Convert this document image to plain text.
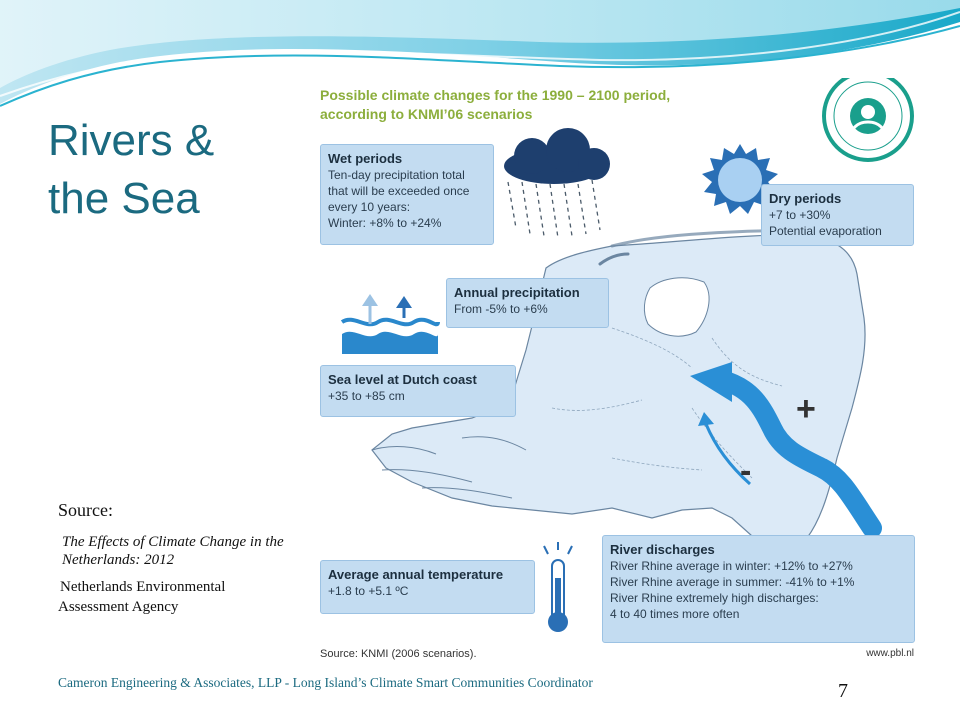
Rivers &
the Sea
Source:
The Effects of Climate Change in the Netherlands: 2012
Netherlands Environmental Assessment Agency
Possible climate changes for the 1990 – 2100 period,
according to KNMI’06 scenarios
Wet periods
Ten-day precipitation total
that will be exceeded once
every 10 years:
Winter: +8% to +24%
Dry periods
+7 to +30%
Potential evaporation
Annual precipitation
From -5% to +6%
Sea level at Dutch coast
+35 to +85 cm
Average annual temperature
+1.8 to +5.1 ºC
River discharges
River Rhine average in winter: +12% to +27%
River Rhine average in summer: -41% to +1%
River Rhine extremely high discharges:
4 to 40 times more often
+
-
Source: KNMI (2006 scenarios).	www.pbl.nl
Cameron Engineering & Associates, LLP - Long Island’s Climate Smart Communities Coordinator	7
